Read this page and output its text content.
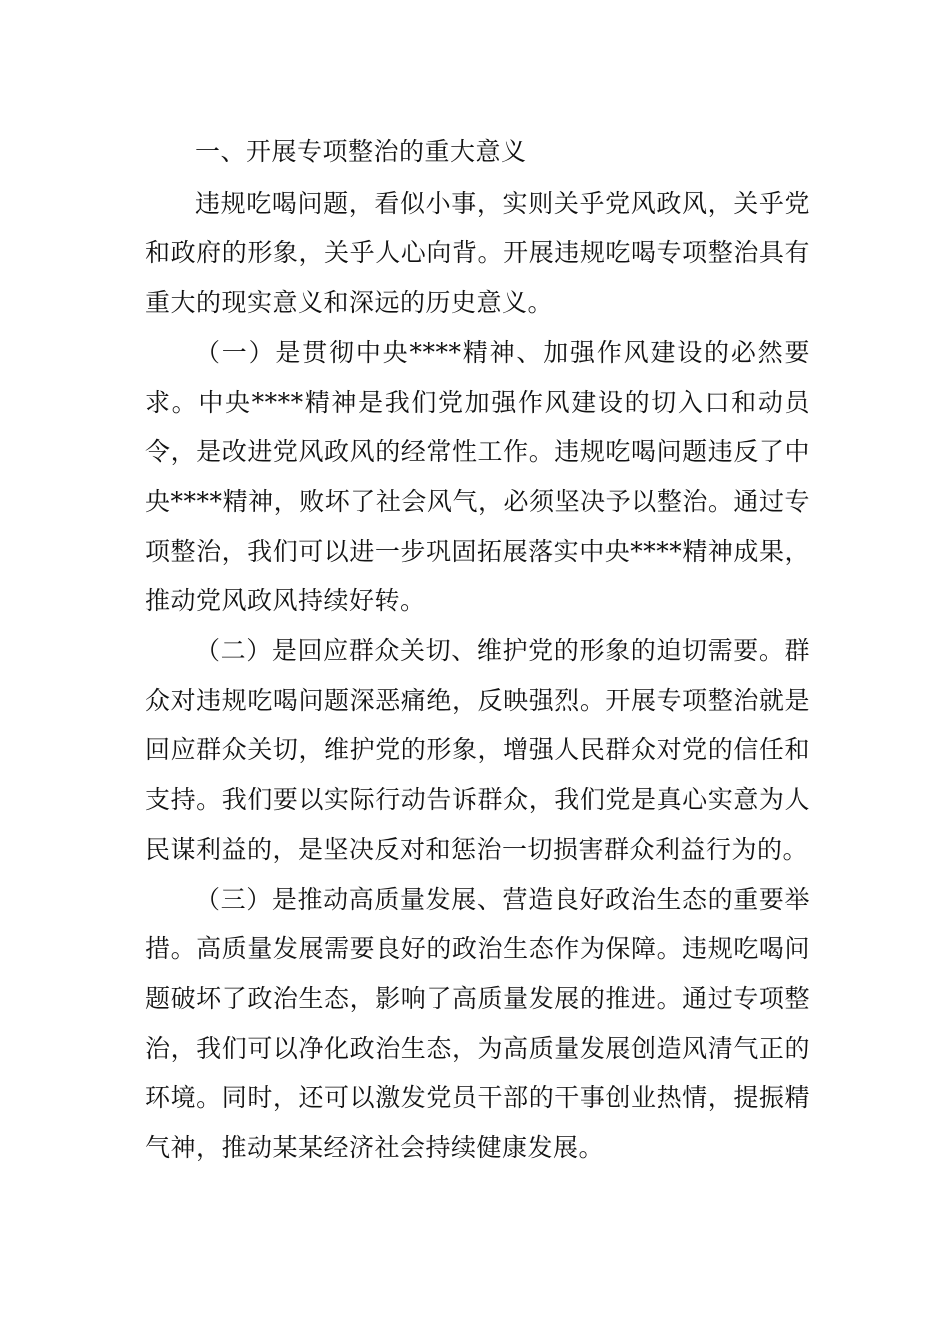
一、开展专项整治的重大意义

违规吃喝问题，看似小事，实则关乎党风政风，关乎党和政府的形象，关乎人心向背。开展违规吃喝专项整治具有重大的现实意义和深远的历史意义。

（一）是贯彻中央****精神、加强作风建设的必然要求。中央****精神是我们党加强作风建设的切入口和动员令，是改进党风政风的经常性工作。违规吃喝问题违反了中央****精神，败坏了社会风气，必须坚决予以整治。通过专项整治，我们可以进一步巩固拓展落实中央****精神成果，推动党风政风持续好转。

（二）是回应群众关切、维护党的形象的迫切需要。群众对违规吃喝问题深恶痛绝，反映强烈。开展专项整治就是回应群众关切，维护党的形象，增强人民群众对党的信任和支持。我们要以实际行动告诉群众，我们党是真心实意为人民谋利益的，是坚决反对和惩治一切损害群众利益行为的。

（三）是推动高质量发展、营造良好政治生态的重要举措。高质量发展需要良好的政治生态作为保障。违规吃喝问题破坏了政治生态，影响了高质量发展的推进。通过专项整治，我们可以净化政治生态，为高质量发展创造风清气正的环境。同时，还可以激发党员干部的干事创业热情，提振精气神，推动某某经济社会持续健康发展。
